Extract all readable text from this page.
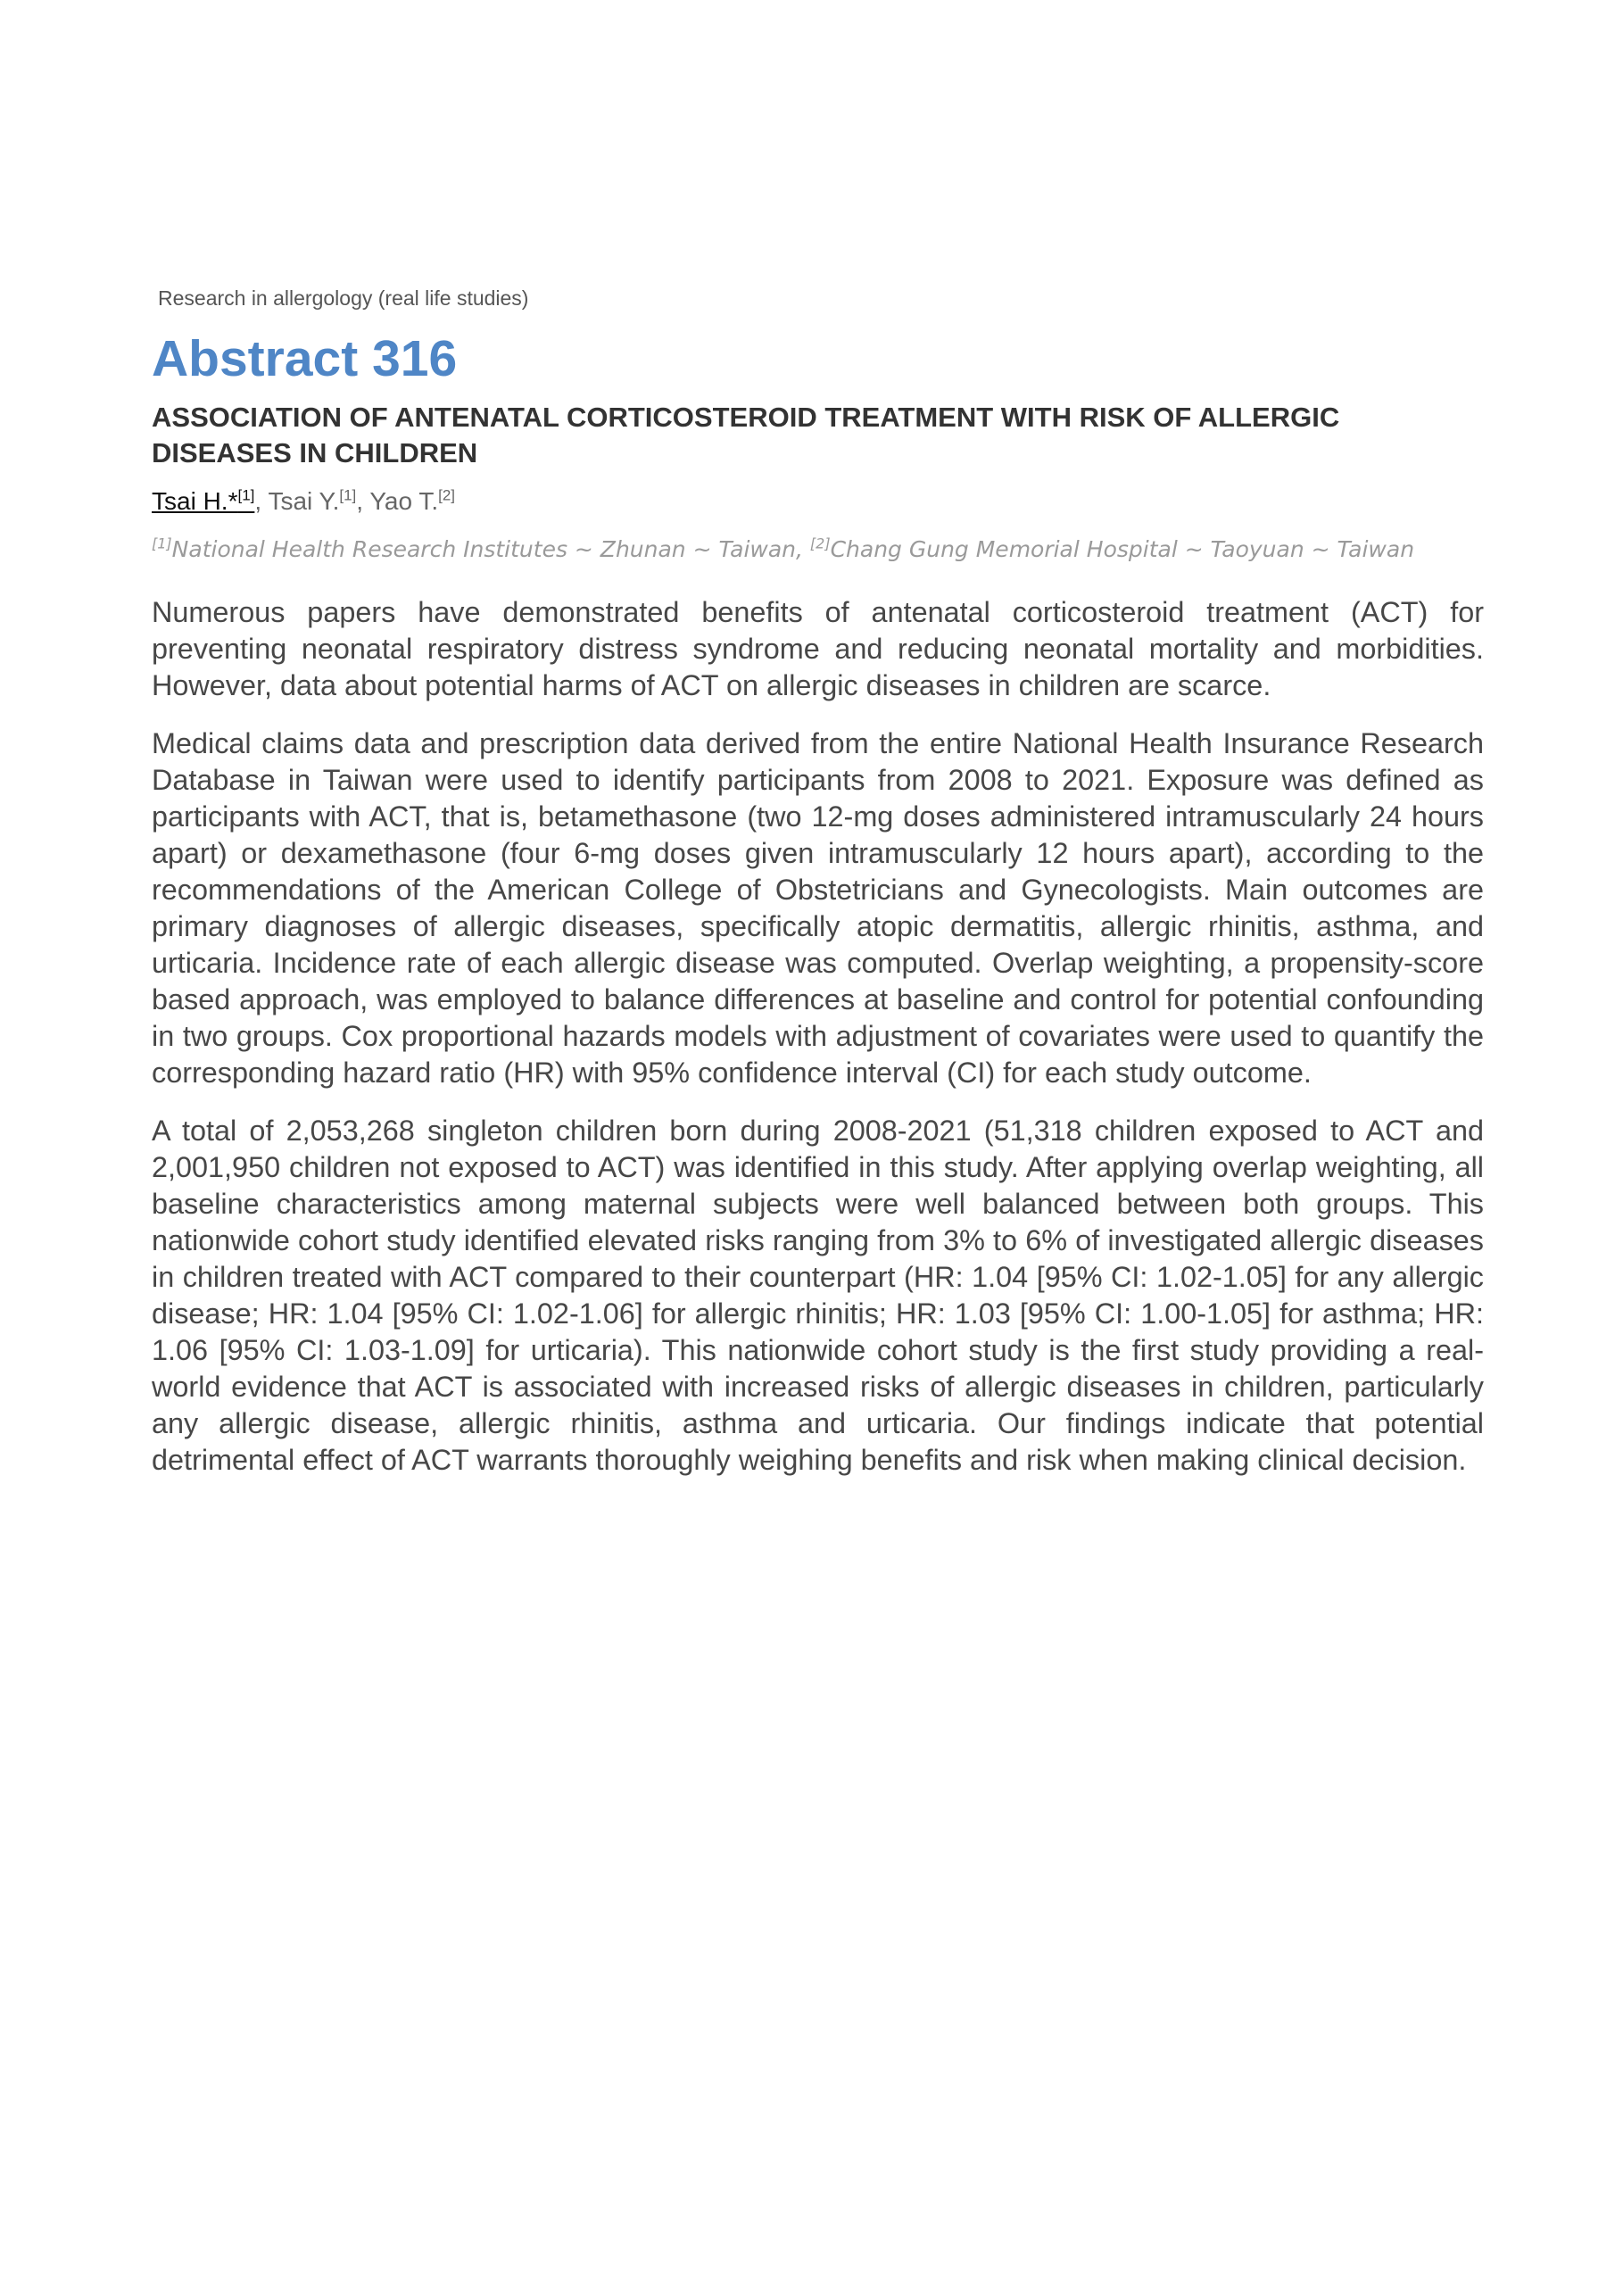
Research in allergology (real life studies)
Abstract 316
ASSOCIATION OF ANTENATAL CORTICOSTEROID TREATMENT WITH RISK OF ALLERGIC DISEASES IN CHILDREN
Tsai H.*[1], Tsai Y.[1], Yao T.[2]
[1]National Health Research Institutes ~ Zhunan ~ Taiwan, [2]Chang Gung Memorial Hospital ~ Taoyuan ~ Taiwan

Numerous papers have demonstrated benefits of antenatal corticosteroid treatment (ACT) for preventing neonatal respiratory distress syndrome and reducing neonatal mortality and morbidities. However, data about potential harms of ACT on allergic diseases in children are scarce.

Medical claims data and prescription data derived from the entire National Health Insurance Research Database in Taiwan were used to identify participants from 2008 to 2021. Exposure was defined as participants with ACT, that is, betamethasone (two 12-mg doses administered intramuscularly 24 hours apart) or dexamethasone (four 6-mg doses given intramuscularly 12 hours apart), according to the recommendations of the American College of Obstetricians and Gynecologists. Main outcomes are primary diagnoses of allergic diseases, specifically atopic dermatitis, allergic rhinitis, asthma, and urticaria. Incidence rate of each allergic disease was computed. Overlap weighting, a propensity-score based approach, was employed to balance differences at baseline and control for potential confounding in two groups. Cox proportional hazards models with adjustment of covariates were used to quantify the corresponding hazard ratio (HR) with 95% confidence interval (CI) for each study outcome.

A total of 2,053,268 singleton children born during 2008-2021 (51,318 children exposed to ACT and 2,001,950 children not exposed to ACT) was identified in this study. After applying overlap weighting, all baseline characteristics among maternal subjects were well balanced between both groups. This nationwide cohort study identified elevated risks ranging from 3% to 6% of investigated allergic diseases in children treated with ACT compared to their counterpart (HR: 1.04 [95% CI: 1.02-1.05] for any allergic disease; HR: 1.04 [95% CI: 1.02-1.06] for allergic rhinitis; HR: 1.03 [95% CI: 1.00-1.05] for asthma; HR: 1.06 [95% CI: 1.03-1.09] for urticaria). This nationwide cohort study is the first study providing a real-world evidence that ACT is associated with increased risks of allergic diseases in children, particularly any allergic disease, allergic rhinitis, asthma and urticaria. Our findings indicate that potential detrimental effect of ACT warrants thoroughly weighing benefits and risk when making clinical decision.
